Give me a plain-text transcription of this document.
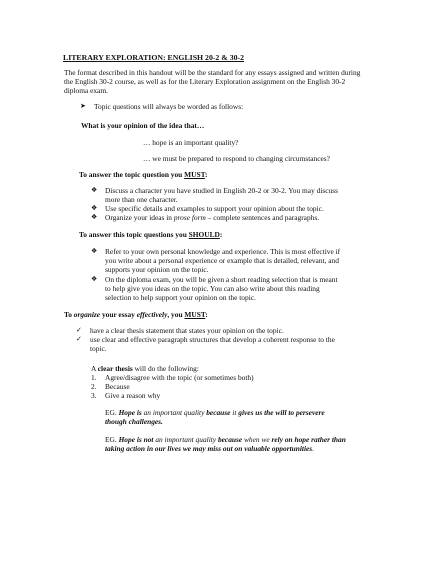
LITERARY EXPLORATION: ENGLISH 20-2 & 30-2
The format described in this handout will be the standard for any essays assigned and written during the English 30-2 course, as well as for the Literary Exploration assignment on the English 30-2 diploma exam.
➤	Topic questions will always be worded as follows:
What is your opinion of the idea that…
… hope is an important quality?
… we must be prepared to respond to changing circumstances?
To answer the topic question you MUST:
❖	Discuss a character you have studied in English 20-2 or 30-2. You may discuss
more than one character.
❖	Use specific details and examples to support your opinion about the topic.
❖	Organize your ideas in prose form – complete sentences and paragraphs.
To answer this topic questions you SHOULD:
❖	Refer to your own personal knowledge and experience. This is most effective if
you write about a personal experience or example that is detailed, relevant, and
supports your opinion on the topic.
❖	On the diploma exam, you will be given a short reading selection that is meant
to help give you ideas on the topic. You can also write about this reading
selection to help support your opinion on the topic.
To organize your essay effectively, you MUST:
✓	have a clear thesis statement that states your opinion on the topic.
✓	use clear and effective paragraph structures that develop a coherent response to the
topic.
A clear thesis will do the following:
1.	Agree/disagree with the topic (or sometimes both)
2.	Because
3.	Give a reason why
EG. Hope is an important quality because it gives us the will to persevere
though challenges.
EG. Hope is not an important quality because when we rely on hope rather than
taking action in our lives we may miss out on valuable opportunities.
